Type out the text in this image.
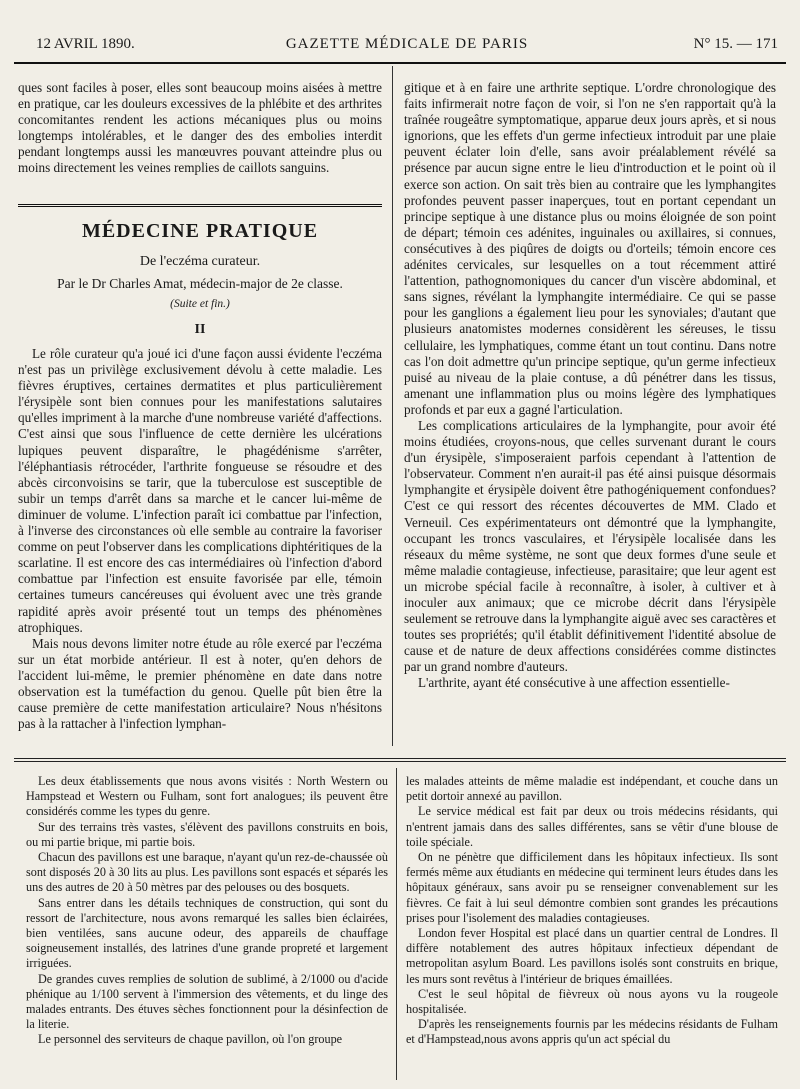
12 AVRIL 1890.	GAZETTE MÉDICALE DE PARIS	N° 15. — 171

ques sont faciles à poser, elles sont beaucoup moins aisées à mettre en pratique, car les douleurs excessives de la phlébite et des arthrites concomitantes rendent les actions mécaniques plus ou moins longtemps intolérables, et le danger des des embolies interdit pendant longtemps aussi les manœuvres pouvant atteindre plus ou moins directement les veines remplies de caillots sanguins.

MÉDECINE PRATIQUE
De l'eczéma curateur.
Par le Dr Charles Amat, médecin-major de 2e classe.
(Suite et fin.)
II

Le rôle curateur qu'a joué ici d'une façon aussi évidente l'eczéma n'est pas un privilège exclusivement dévolu à cette maladie. Les fièvres éruptives, certaines dermatites et plus particulièrement l'érysipèle sont bien connues pour les manifestations salutaires qu'elles impriment à la marche d'une nombreuse variété d'affections. C'est ainsi que sous l'influence de cette dernière les ulcérations lupiques peuvent disparaître, le phagédénisme s'arrêter, l'éléphantiasis rétrocéder, l'arthrite fongueuse se résoudre et des abcès circonvoisins se tarir, que la tuberculose est susceptible de subir un temps d'arrêt dans sa marche et le cancer lui-même de diminuer de volume. L'infection paraît ici combattue par l'infection, à l'inverse des circonstances où elle semble au contraire la favoriser comme on peut l'observer dans les complications diphtéritiques de la scarlatine. Il est encore des cas intermédiaires où l'infection d'abord combattue par l'infection est ensuite favorisée par elle, témoin certaines tumeurs cancéreuses qui évoluent avec une très grande rapidité après avoir présenté tout un temps des phénomènes atrophiques.

Mais nous devons limiter notre étude au rôle exercé par l'eczéma sur un état morbide antérieur. Il est à noter, qu'en dehors de l'accident lui-même, le premier phénomène en date dans notre observation est la tuméfaction du genou. Quelle pût bien être la cause première de cette manifestation articulaire? Nous n'hésitons pas à la rattacher à l'infection lymphan-

gitique et à en faire une arthrite septique. L'ordre chronologique des faits infirmerait notre façon de voir, si l'on ne s'en rapportait qu'à la traînée rougeâtre symptomatique, apparue deux jours après, et si nous ignorions, que les effets d'un germe infectieux introduit par une plaie peuvent éclater loin d'elle, sans avoir préalablement révélé sa présence par aucun signe entre le lieu d'introduction et le point où il exerce son action. On sait très bien au contraire que les lymphangites profondes peuvent passer inaperçues, tout en portant cependant un principe septique à une distance plus ou moins éloignée de son point de départ; témoin ces adénites, inguinales ou axillaires, si connues, consécutives à des piqûres de doigts ou d'orteils; témoin encore ces adénites cervicales, sur lesquelles on a tout récemment attiré l'attention, pathognomoniques du cancer d'un viscère abdominal, et sans signes, révélant la lymphangite intermédiaire. Ce qui se passe pour les ganglions a également lieu pour les synoviales; d'autant que plusieurs anatomistes modernes considèrent les séreuses, le tissu cellulaire, les lymphatiques, comme étant un tout continu. Dans notre cas l'on doit admettre qu'un principe septique, qu'un germe infectieux puisé au niveau de la plaie contuse, a dû pénétrer dans les tissus, amenant une inflammation plus ou moins légère des lymphatiques profonds et par eux a gagné l'articulation.

Les complications articulaires de la lymphangite, pour avoir été moins étudiées, croyons-nous, que celles survenant durant le cours d'un érysipèle, s'imposeraient parfois cependant à l'attention de l'observateur. Comment n'en aurait-il pas été ainsi puisque désormais lymphangite et érysipèle doivent être pathogéniquement confondues? C'est ce qui ressort des récentes découvertes de MM. Clado et Verneuil. Ces expérimentateurs ont démontré que la lymphangite, occupant les troncs vasculaires, et l'érysipèle localisée dans les réseaux du même système, ne sont que deux formes d'une seule et même maladie contagieuse, infectieuse, parasitaire; que leur agent est un microbe spécial facile à reconnaître, à isoler, à cultiver et à inoculer aux animaux; que ce microbe décrit dans l'érysipèle seulement se retrouve dans la lymphangite aiguë avec ses caractères et toutes ses propriétés; qu'il établit définitivement l'identité absolue de cause et de nature de deux affections considérées comme distinctes par un grand nombre d'auteurs.

L'arthrite, ayant été consécutive à une affection essentielle-

Les deux établissements que nous avons visités : North Western ou Hampstead et Western ou Fulham, sont fort analogues; ils peuvent être considérés comme les types du genre.

Sur des terrains très vastes, s'élèvent des pavillons construits en bois, ou mi partie brique, mi partie bois.

Chacun des pavillons est une baraque, n'ayant qu'un rez-de-chaussée où sont disposés 20 à 30 lits au plus. Les pavillons sont espacés et séparés les uns des autres de 20 à 50 mètres par des pelouses ou des bosquets.

Sans entrer dans les détails techniques de construction, qui sont du ressort de l'architecture, nous avons remarqué les salles bien éclairées, bien ventilées, sans aucune odeur, des appareils de chauffage soigneusement installés, des latrines d'une grande propreté et largement irriguées.

De grandes cuves remplies de solution de sublimé, à 2/1000 ou d'acide phénique au 1/100 servent à l'immersion des vêtements, et du linge des malades entrants. Des étuves sèches fonctionnent pour la désinfection de la literie.

Le personnel des serviteurs de chaque pavillon, où l'on groupe

les malades atteints de même maladie est indépendant, et couche dans un petit dortoir annexé au pavillon.

Le service médical est fait par deux ou trois médecins résidants, qui n'entrent jamais dans des salles différentes, sans se vêtir d'une blouse de toile spéciale.

On ne pénètre que difficilement dans les hôpitaux infectieux. Ils sont fermés même aux étudiants en médecine qui terminent leurs études dans les hôpitaux généraux, sans avoir pu se renseigner convenablement sur les fièvres. Ce fait à lui seul démontre combien sont grandes les précautions prises pour l'isolement des maladies contagieuses.

London fever Hospital est placé dans un quartier central de Londres. Il diffère notablement des autres hôpitaux infectieux dépendant de metropolitan asylum Board. Les pavillons isolés sont construits en brique, les murs sont revêtus à l'intérieur de briques émaillées.

C'est le seul hôpital de fièvreux où nous ayons vu la rougeole hospitalisée.

D'après les renseignements fournis par les médecins résidants de Fulham et d'Hampstead,nous avons appris qu'un act spécial du
